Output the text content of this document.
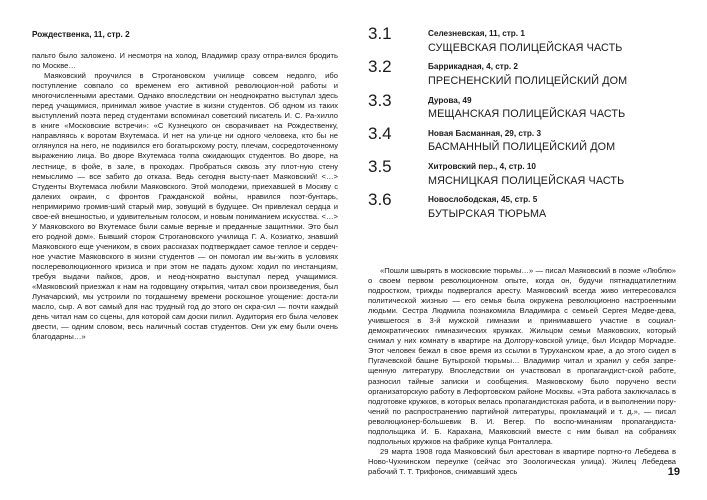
Рождественка, 11, стр. 2

пальто было заложено. И несмотря на холод, Владимир сразу отпра-вился бродить по Москве…

Маяковский проучился в Строгановском училище совсем недолго, ибо поступление совпало со временем его активной революцион-ной работы и многочисленными арестами. Однако впоследствии он неоднократно выступал здесь перед учащимися, принимал живое участие в жизни студентов. Об одном из таких выступлений поэта перед студентами вспоминал советский писатель И. С. Ра-хилло в книге «Московские встречи»: «С Кузнецкого он сворачивает на Рождественку, направляясь к воротам Вхутемаса. И нет на ули-це ни одного человека, кто бы не оглянулся на него, не подивился его богатырскому росту, плечам, сосредоточенному выражению лица. Во дворе Вхутемаса толпа ожидающих студентов. Во дворе, на лестнице, в фойе, в зале, в проходах. Пробраться сквозь эту плот-ную стену немыслимо — все забито до отказа. Ведь сегодня высту-пает Маяковский! <…> Студенты Вхутемаса любили Маяковского. Этой молодежи, приехавшей в Москву с далеких окраин, с фронтов Гражданской войны, нравился поэт-бунтарь, непримиримо громив-ший старый мир, зовущий в будущее. Он привлекал сердца и свое-ей внешностью, и удивительным голосом, и новым пониманием искусства. <…> У Маяковского во Вхутемасе были самые верные и преданные защитники. Это был его родной дом». Бывший сторож Строгановского училища Г. А. Козиатко, знавший Маяковского еще учеником, в своих рассказах подтверждает самое теплое и сердеч-ное участие Маяковского в жизни студентов — он помогал им вы-жить в условиях послереволюционного кризиса и при этом не падать духом: ходил по инстанциям, требуя выдачи пайков, дров, и неод-нократно выступал перед учащимися. «Маяковский приезжал к нам на годовщину открытия, читал свои произведения, был Луначарский, мы устроили по тогдашнему времени роскошное угощение: доста-ли масло, сыр. А вот самый для нас трудный год до этого он скра-сил — почти каждый день читал нам со сцены, для которой сам доски пилил. Аудитория его была человек двести, — одним словом, весь наличный состав студентов. Они уж ему были очень благодарны…»

3.1	Селезневская, 11, стр. 1
СУЩЕВСКАЯ ПОЛИЦЕЙСКАЯ ЧАСТЬ
3.2	Баррикадная, 4, стр. 2
ПРЕСНЕНСКИЙ ПОЛИЦЕЙСКИЙ ДОМ
3.3	Дурова, 49
МЕЩАНСКАЯ ПОЛИЦЕЙСКАЯ ЧАСТЬ
3.4	Новая Басманная, 29, стр. 3
БАСМАННЫЙ ПОЛИЦЕЙСКИЙ ДОМ
3.5	Хитровский пер., 4, стр. 10
МЯСНИЦКАЯ ПОЛИЦЕЙСКАЯ ЧАСТЬ
3.6	Новослободская, 45, стр. 5
БУТЫРСКАЯ ТЮРЬМА

«Пошли швырять в московские тюрьмы…» — писал Маяковский в поэме «Люблю» о своем первом революционном опыте, когда он, будучи пятнадцатилетним подростком, трижды подвергался аресту. Маяковский всегда живо интересовался политической жизнью — его семья была окружена революционно настроенными людьми. Сестра Людмила познакомила Владимира с семьей Сергея Медве-дева, учившегося в 3-й мужской гимназии и принимавшего участие в социал-демократических гимназических кружках. Жильцом семьи Маяковских, который снимал у них комнату в квартире на Долгору-ковской улице, был Исидор Морчадзе. Этот человек бежал в свое время из ссылки в Туруханском крае, а до этого сидел в Пугачевской башне Бутырской тюрьмы… Владимир читал и хранил у себя запре-щенную литературу. Впоследствии он участвовал в пропагандист-ской работе, разносил тайные записки и сообщения. Маяковскому было поручено вести организаторскую работу в Лефортовском районе Москвы. «Эта работа заключалась в подготовке кружков, в которых велась пропагандистская работа, и в выполнении пору-чений по распространению партийной литературы, прокламаций и т. д.», — писал революционер-большевик В. И. Вегер. По воспо-минаниям пропагандиста-подпольщика И. Б. Карахана, Маяковский вместе с ним бывал на собраниях подпольных кружков на фабрике купца Ронталлера.

29 марта 1908 года Маяковский был арестован в квартире портно-го Лебедева в Ново-Чухнинском переулке (сейчас это Зоологическая улица). Жилец Лебедева рабочий Т. Т. Трифонов, снимавший здесь	19
